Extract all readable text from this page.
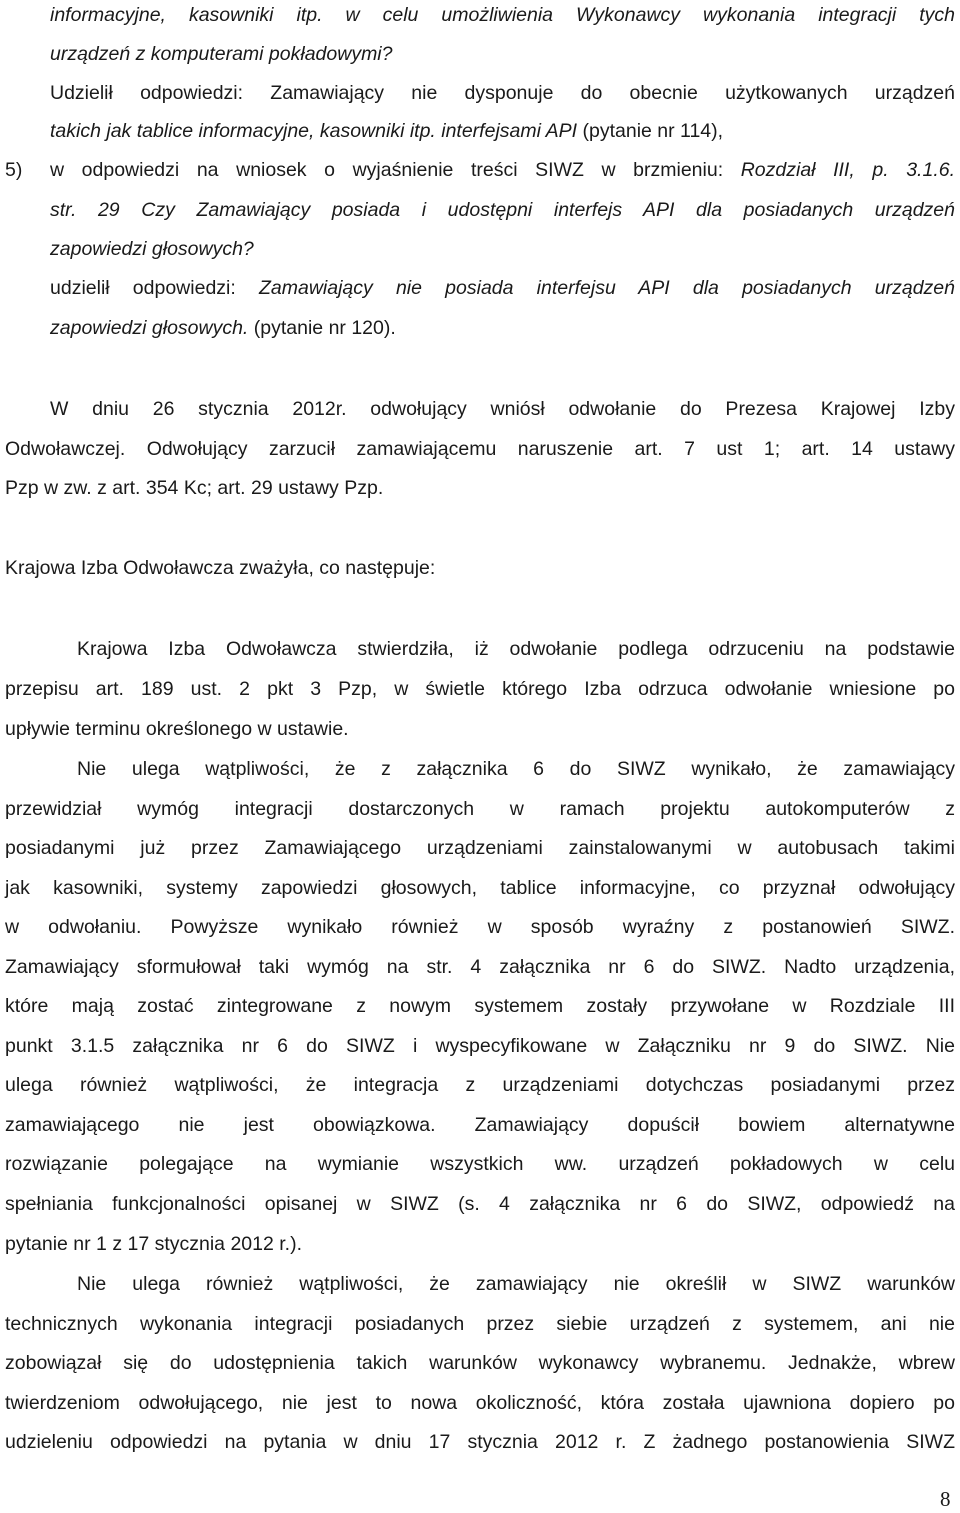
informacyjne, kasowniki itp. w celu umożliwienia Wykonawcy wykonania integracji tych
urządzeń z komputerami pokładowymi?
Udzielił odpowiedzi: Zamawiający nie dysponuje do obecnie użytkowanych urządzeń
takich jak tablice informacyjne, kasowniki itp. interfejsami API (pytanie nr 114),
5) w odpowiedzi na wniosek o wyjaśnienie treści SIWZ w brzmieniu: Rozdział III, p. 3.1.6.
str. 29 Czy Zamawiający posiada i udostępni interfejs API dla posiadanych urządzeń
zapowiedzi głosowych?
udzielił odpowiedzi: Zamawiający nie posiada interfejsu API dla posiadanych urządzeń
zapowiedzi głosowych. (pytanie nr 120).
W dniu 26 stycznia 2012r. odwołujący wniósł odwołanie do Prezesa Krajowej Izby
Odwoławczej. Odwołujący zarzucił zamawiającemu naruszenie art. 7 ust 1; art. 14 ustawy
Pzp w zw. z art. 354 Kc; art. 29 ustawy Pzp.
Krajowa Izba Odwoławcza zważyła, co następuje:
Krajowa Izba Odwoławcza stwierdziła, iż odwołanie podlega odrzuceniu na podstawie
przepisu art. 189 ust. 2 pkt 3 Pzp, w świetle którego Izba odrzuca odwołanie wniesione po
upływie terminu określonego w ustawie.
Nie ulega wątpliwości, że z załącznika 6 do SIWZ wynikało, że zamawiający
przewidział wymóg integracji dostarczonych w ramach projektu autokomputerów z
posiadanymi już przez Zamawiającego urządzeniami zainstalowanymi w autobusach takimi
jak kasowniki, systemy zapowiedzi głosowych, tablice informacyjne, co przyznał odwołujący
w odwołaniu. Powyższe wynikało również w sposób wyraźny z postanowień SIWZ.
Zamawiający sformułował taki wymóg na str. 4 załącznika nr 6 do SIWZ. Nadto urządzenia,
które mają zostać zintegrowane z nowym systemem zostały przywołane w Rozdziale III
punkt 3.1.5 załącznika nr 6 do SIWZ i wyspecyfikowane w Załączniku nr 9 do SIWZ. Nie
ulega również wątpliwości, że integracja z urządzeniami dotychczas posiadanymi przez
zamawiającego nie jest obowiązkowa. Zamawiający dopuścił bowiem alternatywne
rozwiązanie polegające na wymianie wszystkich ww. urządzeń pokładowych w celu
spełniania funkcjonalności opisanej w SIWZ (s. 4 załącznika nr 6 do SIWZ, odpowiedź na
pytanie nr 1 z 17 stycznia 2012 r.).
Nie ulega również wątpliwości, że zamawiający nie określił w SIWZ warunków
technicznych wykonania integracji posiadanych przez siebie urządzeń z systemem, ani nie
zobowiązał się do udostępnienia takich warunków wykonawcy wybranemu. Jednakże, wbrew
twierdzeniom odwołującego, nie jest to nowa okoliczność, która została ujawniona dopiero po
udzieleniu odpowiedzi na pytania w dniu 17 stycznia 2012 r. Z żadnego postanowienia SIWZ
8
